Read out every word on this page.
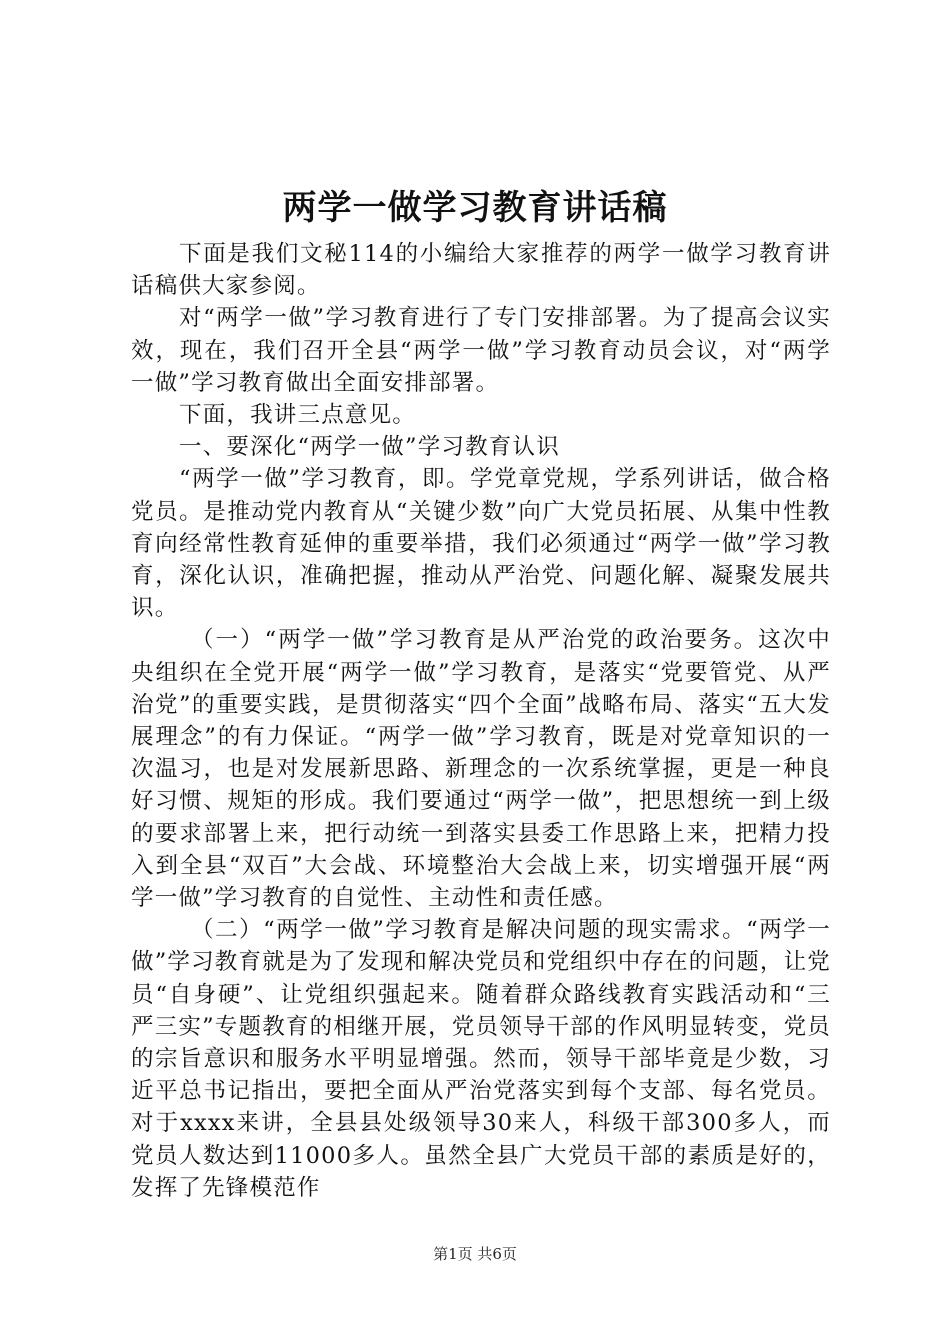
两学一做学习教育讲话稿

下面是我们文秘114的小编给大家推荐的两学一做学习教育讲话稿供大家参阅。

对“两学一做”学习教育进行了专门安排部署。为了提高会议实效，现在，我们召开全县“两学一做”学习教育动员会议，对“两学一做”学习教育做出全面安排部署。

下面，我讲三点意见。

一、要深化“两学一做”学习教育认识

“两学一做”学习教育，即。学党章党规，学系列讲话，做合格党员。是推动党内教育从“关键少数”向广大党员拓展、从集中性教育向经常性教育延伸的重要举措，我们必须通过“两学一做”学习教育，深化认识，准确把握，推动从严治党、问题化解、凝聚发展共识。

（一）“两学一做”学习教育是从严治党的政治要务。这次中央组织在全党开展“两学一做”学习教育，是落实“党要管党、从严治党”的重要实践，是贯彻落实“四个全面”战略布局、落实“五大发展理念”的有力保证。“两学一做”学习教育，既是对党章知识的一次温习，也是对发展新思路、新理念的一次系统掌握，更是一种良好习惯、规矩的形成。我们要通过“两学一做”，把思想统一到上级的要求部署上来，把行动统一到落实县委工作思路上来，把精力投入到全县“双百”大会战、环境整治大会战上来，切实增强开展“两学一做”学习教育的自觉性、主动性和责任感。

（二）“两学一做”学习教育是解决问题的现实需求。“两学一做”学习教育就是为了发现和解决党员和党组织中存在的问题，让党员“自身硬”、让党组织强起来。随着群众路线教育实践活动和“三严三实”专题教育的相继开展，党员领导干部的作风明显转变，党员的宗旨意识和服务水平明显增强。然而，领导干部毕竟是少数，习近平总书记指出，要把全面从严治党落实到每个支部、每名党员。对于xxxx来讲，全县县处级领导30来人，科级干部300多人，而党员人数达到11000多人。虽然全县广大党员干部的素质是好的，发挥了先锋模范作

第1页 共6页
